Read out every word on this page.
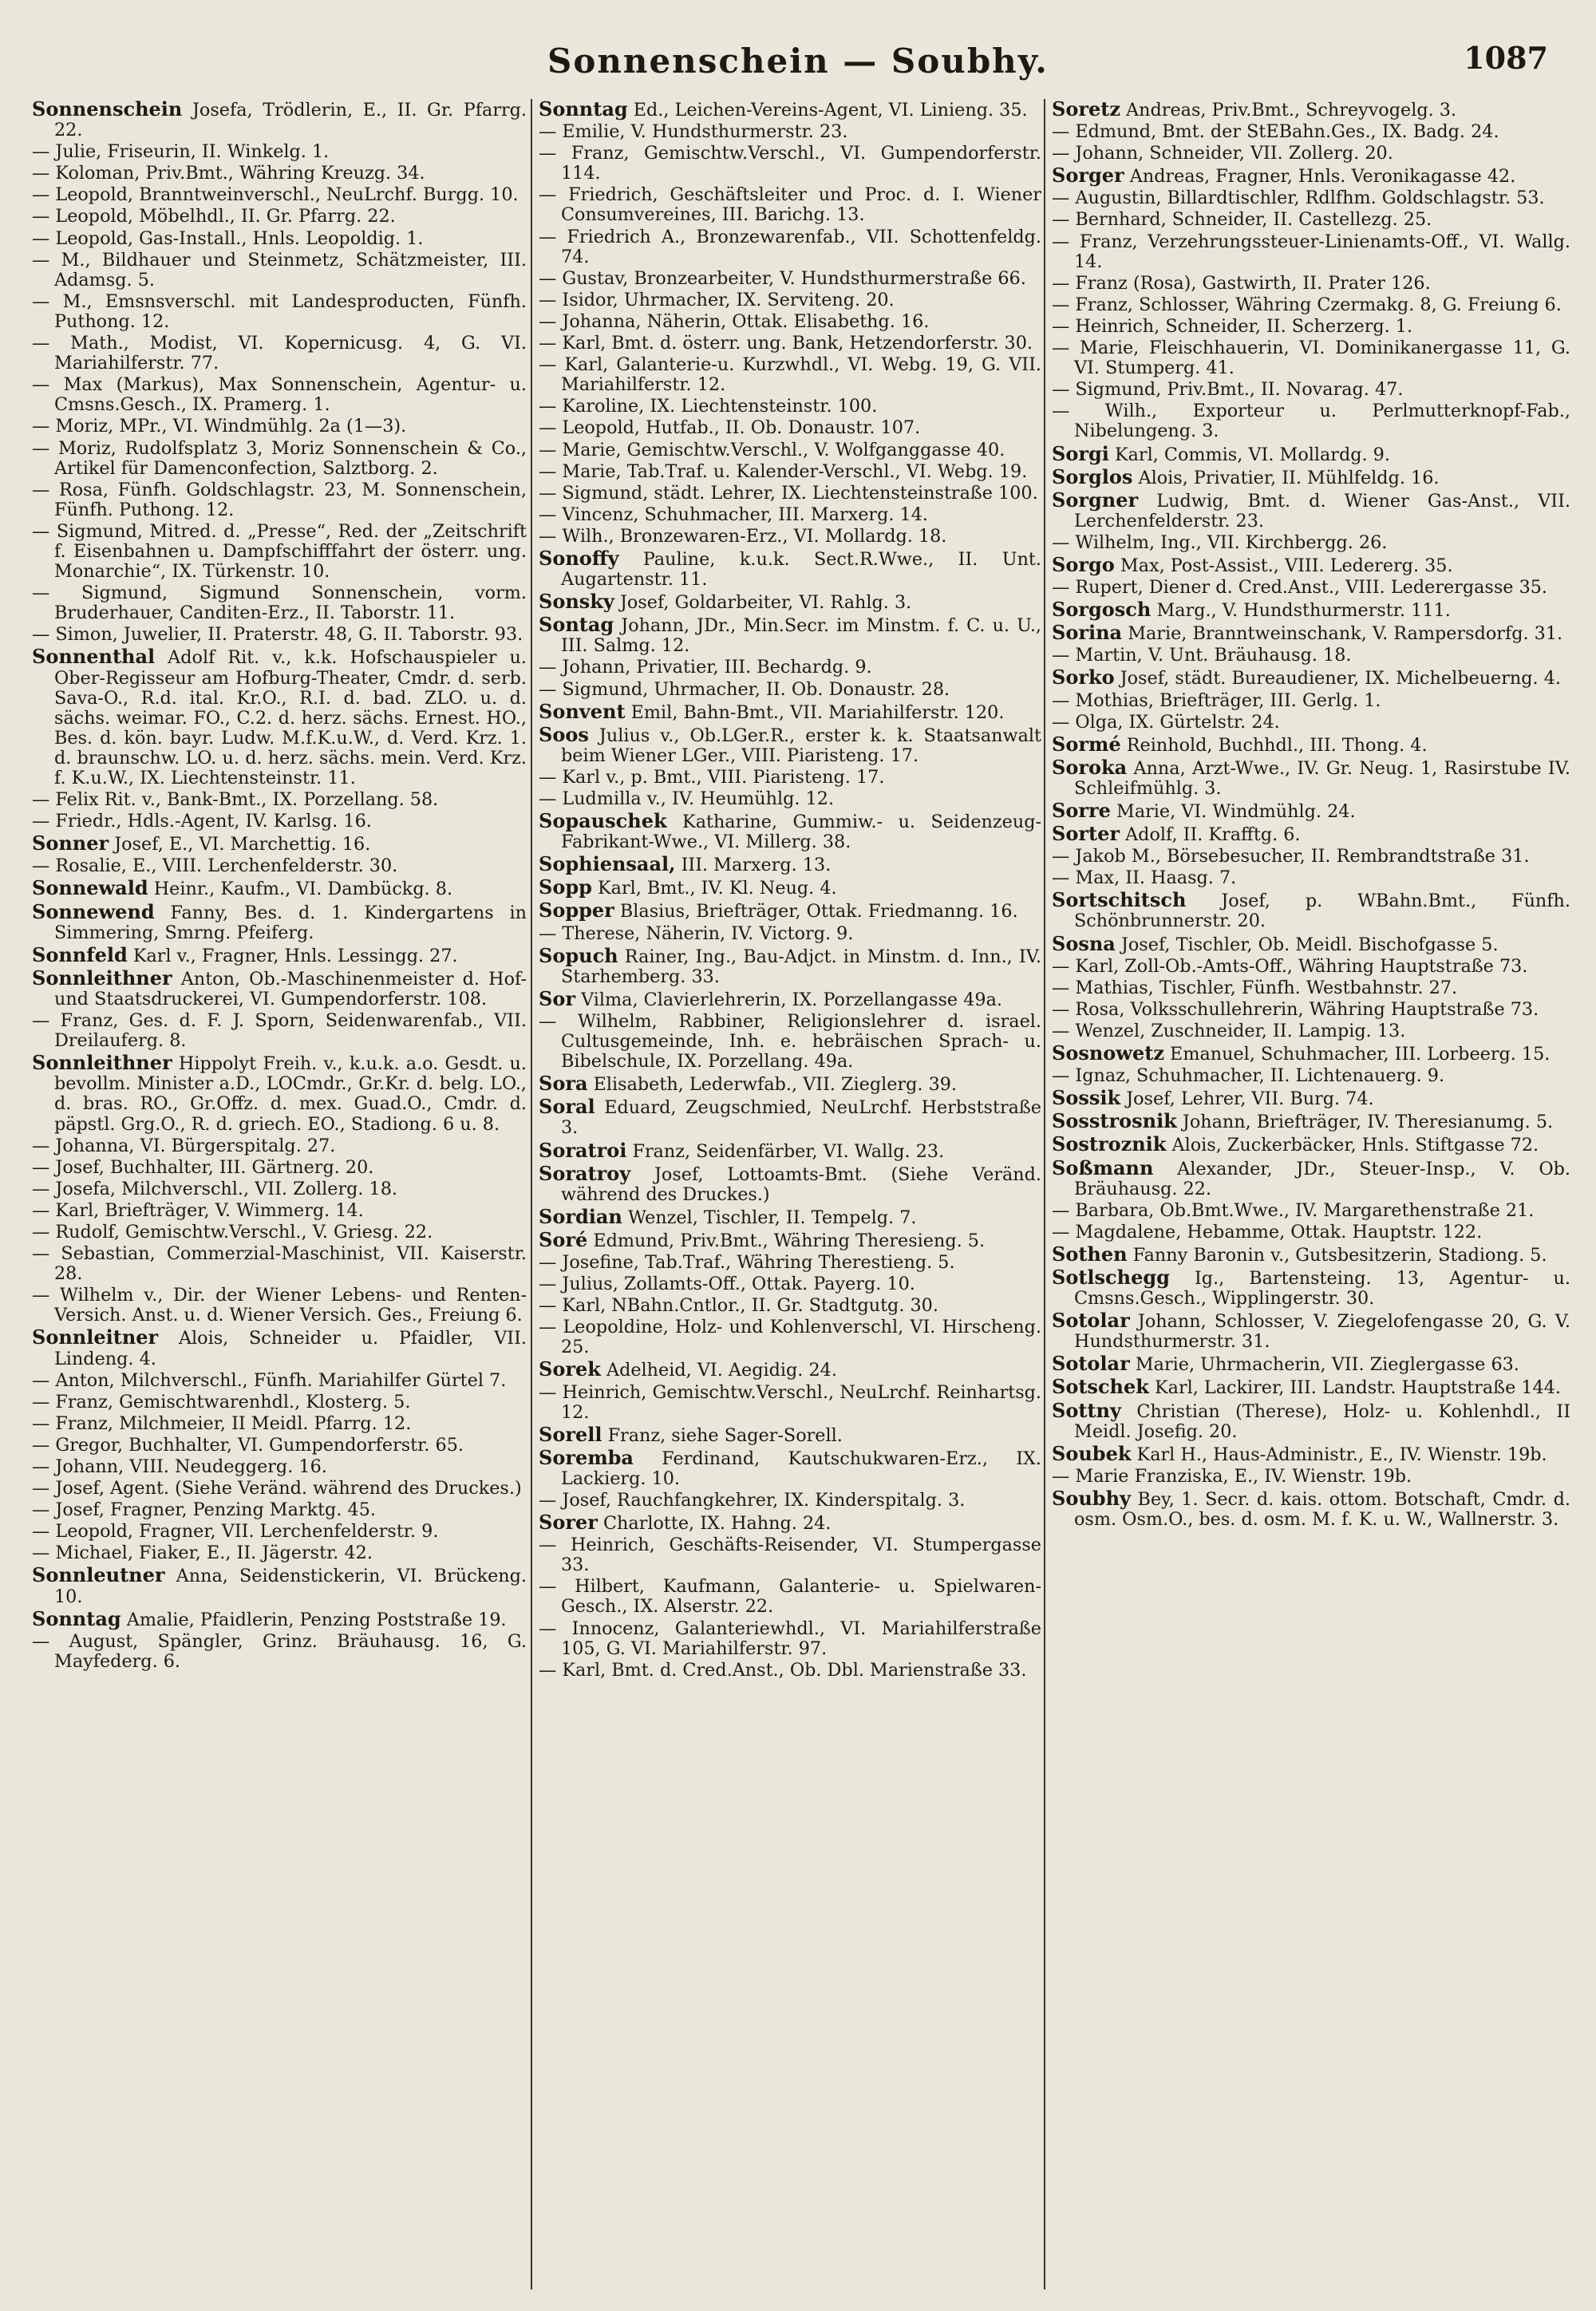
Sonnenschein — Soubhy.	1087
Sonnenschein Josefa, Trödlerin, E., II. Gr. Pfarrg. 22.
— Julie, Friseurin, II. Winkelg. 1.
— Koloman, Priv.Bmt., Währing Kreuzg. 34.
— Leopold, Branntweinverschl., NeuLrchf. Burgg. 10.
— Leopold, Möbelhdl., II. Gr. Pfarrg. 22.
— Leopold, Gas-Install., Hnls. Leopoldig. 1.
— M., Bildhauer und Steinmetz, Schätzmeister, III. Adamsg. 5.
— M., Emsnsverschl. mit Landesproducten, Fünfh. Puthong. 12.
— Math., Modist, VI. Kopernicusg. 4, G. VI. Mariahilferstr. 77.
— Max (Markus), Max Sonnenschein, Agentur- u. Cmsns.Gesch., IX. Pramerg. 1.
— Moriz, MPr., VI. Windmühlg. 2a (1—3).
— Moriz, Rudolfsplatz 3, Moriz Sonnenschein & Co., Artikel für Damenconfection, Salztborg. 2.
— Rosa, Fünfh. Goldschlagstr. 23, M. Sonnenschein, Fünfh. Puthong. 12.
— Sigmund, Mitred. d. „Presse“, Red. der „Zeitschrift f. Eisenbahnen u. Dampfschifffahrt der österr. ung. Monarchie“, IX. Türkenstr. 10.
— Sigmund, Sigmund Sonnenschein, vorm. Bruderhauer, Canditen-Erz., II. Taborstr. 11.
— Simon, Juwelier, II. Praterstr. 48, G. II. Taborstr. 93.
Sonnenthal Adolf Rit. v., k.k. Hofschauspieler u. Ober-Regisseur am Hofburg-Theater, Cmdr. d. serb. Sava-O., R.d. ital. Kr.O., R.I. d. bad. ZLO. u. d. sächs. weimar. FO., C.2. d. herz. sächs. Ernest. HO., Bes. d. kön. bayr. Ludw. M.f.K.u.W., d. Verd. Krz. 1. d. braunschw. LO. u. d. herz. sächs. mein. Verd. Krz. f. K.u.W., IX. Liechtensteinstr. 11.
— Felix Rit. v., Bank-Bmt., IX. Porzellang. 58.
— Friedr., Hdls.-Agent, IV. Karlsg. 16.
Sonner Josef, E., VI. Marchettig. 16.
— Rosalie, E., VIII. Lerchenfelderstr. 30.
Sonnewald Heinr., Kaufm., VI. Dambückg. 8.
Sonnewend Fanny, Bes. d. 1. Kindergartens in Simmering, Smrng. Pfeiferg.
Sonnfeld Karl v., Fragner, Hnls. Lessingg. 27.
Sonnleithner Anton, Ob.-Maschinenmeister d. Hof- und Staatsdruckerei, VI. Gumpendorferstr. 108.
— Franz, Ges. d. F. J. Sporn, Seidenwarenfab., VII. Dreilauferg. 8.
Sonnleithner Hippolyt Freih. v., k.u.k. a.o. Gesdt. u. bevollm. Minister a.D., LOCmdr., Gr.Kr. d. belg. LO., d. bras. RO., Gr.Offz. d. mex. Guad.O., Cmdr. d. päpstl. Grg.O., R. d. griech. EO., Stadiong. 6 u. 8.
— Johanna, VI. Bürgerspitalg. 27.
— Josef, Buchhalter, III. Gärtnerg. 20.
— Josefa, Milchverschl., VII. Zollerg. 18.
— Karl, Briefträger, V. Wimmerg. 14.
— Rudolf, Gemischtw.Verschl., V. Griesg. 22.
— Sebastian, Commerzial-Maschinist, VII. Kaiserstr. 28.
— Wilhelm v., Dir. der Wiener Lebens- und Renten-Versich. Anst. u. d. Wiener Versich. Ges., Freiung 6.
Sonnleitner Alois, Schneider u. Pfaidler, VII. Lindeng. 4.
— Anton, Milchverschl., Fünfh. Mariahilfer Gürtel 7.
— Franz, Gemischtwarenhdl., Klosterg. 5.
— Franz, Milchmeier, II Meidl. Pfarrg. 12.
— Gregor, Buchhalter, VI. Gumpendorferstr. 65.
— Johann, VIII. Neudeggerg. 16.
— Josef, Agent. (Siehe Veränd. während des Druckes.)
— Josef, Fragner, Penzing Marktg. 45.
— Leopold, Fragner, VII. Lerchenfelderstr. 9.
— Michael, Fiaker, E., II. Jägerstr. 42.
Sonnleutner Anna, Seidenstickerin, VI. Brückeng. 10.
Sonntag Amalie, Pfaidlerin, Penzing Poststraße 19.
— August, Spängler, Grinz. Bräuhausg. 16, G. Mayfederg. 6.
Sonntag Ed., Leichen-Vereins-Agent, VI. Linieng. 35.
— Emilie, V. Hundsthurmerstr. 23.
— Franz, Gemischtw.Verschl., VI. Gumpendorferstr. 114.
— Friedrich, Geschäftsleiter und Proc. d. I. Wiener Consumvereines, III. Barichg. 13.
— Friedrich A., Bronzewarenfab., VII. Schottenfeldg. 74.
— Gustav, Bronzearbeiter, V. Hundsthurmerstraße 66.
— Isidor, Uhrmacher, IX. Serviteng. 20.
— Johanna, Näherin, Ottak. Elisabethg. 16.
— Karl, Bmt. d. österr. ung. Bank, Hetzendorferstr. 30.
— Karl, Galanterie-u. Kurzwhdl., VI. Webg. 19, G. VII. Mariahilferstr. 12.
— Karoline, IX. Liechtensteinstr. 100.
— Leopold, Hutfab., II. Ob. Donaustr. 107.
— Marie, Gemischtw.Verschl., V. Wolfganggasse 40.
— Marie, Tab.Traf. u. Kalender-Verschl., VI. Webg. 19.
— Sigmund, städt. Lehrer, IX. Liechtensteinstraße 100.
— Vincenz, Schuhmacher, III. Marxerg. 14.
— Wilh., Bronzewaren-Erz., VI. Mollardg. 18.
Sonoffy Pauline, k.u.k. Sect.R.Wwe., II. Unt. Augartenstr. 11.
Sonsky Josef, Goldarbeiter, VI. Rahlg. 3.
Sontag Johann, JDr., Min.Secr. im Minstm. f. C. u. U., III. Salmg. 12.
— Johann, Privatier, III. Bechardg. 9.
— Sigmund, Uhrmacher, II. Ob. Donaustr. 28.
Sonvent Emil, Bahn-Bmt., VII. Mariahilferstr. 120.
Soos Julius v., Ob.LGer.R., erster k. k. Staatsanwalt beim Wiener LGer., VIII. Piaristeng. 17.
— Karl v., p. Bmt., VIII. Piaristeng. 17.
— Ludmilla v., IV. Heumühlg. 12.
Sopauschek Katharine, Gummiw.- u. Seidenzeug-Fabrikant-Wwe., VI. Millerg. 38.
Sophiensaal, III. Marxerg. 13.
Sopp Karl, Bmt., IV. Kl. Neug. 4.
Sopper Blasius, Briefträger, Ottak. Friedmanng. 16.
— Therese, Näherin, IV. Victorg. 9.
Sopuch Rainer, Ing., Bau-Adjct. in Minstm. d. Inn., IV. Starhemberg. 33.
Sor Vilma, Clavierlehrerin, IX. Porzellangasse 49a.
— Wilhelm, Rabbiner, Religionslehrer d. israel. Cultusgemeinde, Inh. e. hebräischen Sprach- u. Bibelschule, IX. Porzellang. 49a.
Sora Elisabeth, Lederwfab., VII. Zieglerg. 39.
Soral Eduard, Zeugschmied, NeuLrchf. Herbststraße 3.
Soratroi Franz, Seidenfärber, VI. Wallg. 23.
Soratroy Josef, Lottoamts-Bmt. (Siehe Veränd. während des Druckes.)
Sordian Wenzel, Tischler, II. Tempelg. 7.
Soré Edmund, Priv.Bmt., Währing Theresieng. 5.
— Josefine, Tab.Traf., Währing Therestieng. 5.
— Julius, Zollamts-Off., Ottak. Payerg. 10.
— Karl, NBahn.Cntlor., II. Gr. Stadtgutg. 30.
— Leopoldine, Holz- und Kohlenverschl, VI. Hirscheng. 25.
Sorek Adelheid, VI. Aegidig. 24.
— Heinrich, Gemischtw.Verschl., NeuLrchf. Reinhartsg. 12.
Sorell Franz, siehe Sager-Sorell.
Soremba Ferdinand, Kautschukwaren-Erz., IX. Lackierg. 10.
— Josef, Rauchfangkehrer, IX. Kinderspitalg. 3.
Sorer Charlotte, IX. Hahng. 24.
— Heinrich, Geschäfts-Reisender, VI. Stumpergasse 33.
— Hilbert, Kaufmann, Galanterie- u. Spielwaren-Gesch., IX. Alserstr. 22.
— Innocenz, Galanteriewhdl., VI. Mariahilferstraße 105, G. VI. Mariahilferstr. 97.
— Karl, Bmt. d. Cred.Anst., Ob. Dbl. Marienstraße 33.
Soretz Andreas, Priv.Bmt., Schreyvogelg. 3.
— Edmund, Bmt. der StEBahn.Ges., IX. Badg. 24.
— Johann, Schneider, VII. Zollerg. 20.
Sorger Andreas, Fragner, Hnls. Veronikagasse 42.
— Augustin, Billardtischler, Rdlfhm. Goldschlagstr. 53.
— Bernhard, Schneider, II. Castellezg. 25.
— Franz, Verzehrungssteuer-Linienamts-Off., VI. Wallg. 14.
— Franz (Rosa), Gastwirth, II. Prater 126.
— Franz, Schlosser, Währing Czermakg. 8, G. Freiung 6.
— Heinrich, Schneider, II. Scherzerg. 1.
— Marie, Fleischhauerin, VI. Dominikanergasse 11, G. VI. Stumperg. 41.
— Sigmund, Priv.Bmt., II. Novarag. 47.
— Wilh., Exporteur u. Perlmutterknopf-Fab., Nibelungeng. 3.
Sorgi Karl, Commis, VI. Mollardg. 9.
Sorglos Alois, Privatier, II. Mühlfeldg. 16.
Sorgner Ludwig, Bmt. d. Wiener Gas-Anst., VII. Lerchenfelderstr. 23.
— Wilhelm, Ing., VII. Kirchbergg. 26.
Sorgo Max, Post-Assist., VIII. Ledererg. 35.
— Rupert, Diener d. Cred.Anst., VIII. Lederergasse 35.
Sorgosch Marg., V. Hundsthurmerstr. 111.
Sorina Marie, Branntweinschank, V. Rampersdorfg. 31.
— Martin, V. Unt. Bräuhausg. 18.
Sorko Josef, städt. Bureaudiener, IX. Michelbeuerng. 4.
— Mothias, Briefträger, III. Gerlg. 1.
— Olga, IX. Gürtelstr. 24.
Sormé Reinhold, Buchhdl., III. Thong. 4.
Soroka Anna, Arzt-Wwe., IV. Gr. Neug. 1, Rasirstube IV. Schleifmühlg. 3.
Sorre Marie, VI. Windmühlg. 24.
Sorter Adolf, II. Krafftg. 6.
— Jakob M., Börsebesucher, II. Rembrandtstraße 31.
— Max, II. Haasg. 7.
Sortschitsch Josef, p. WBahn.Bmt., Fünfh. Schönbrunnerstr. 20.
Sosna Josef, Tischler, Ob. Meidl. Bischofgasse 5.
— Karl, Zoll-Ob.-Amts-Off., Währing Hauptstraße 73.
— Mathias, Tischler, Fünfh. Westbahnstr. 27.
— Rosa, Volksschullehrerin, Währing Hauptstraße 73.
— Wenzel, Zuschneider, II. Lampig. 13.
Sosnowetz Emanuel, Schuhmacher, III. Lorbeerg. 15.
— Ignaz, Schuhmacher, II. Lichtenauerg. 9.
Sossik Josef, Lehrer, VII. Burg. 74.
Sosstrosnik Johann, Briefträger, IV. Theresianumg. 5.
Sostroznik Alois, Zuckerbäcker, Hnls. Stiftgasse 72.
Soßmann Alexander, JDr., Steuer-Insp., V. Ob. Bräuhausg. 22.
— Barbara, Ob.Bmt.Wwe., IV. Margarethenstraße 21.
— Magdalene, Hebamme, Ottak. Hauptstr. 122.
Sothen Fanny Baronin v., Gutsbesitzerin, Stadiong. 5.
Sotlschegg Ig., Bartensteing. 13, Agentur- u. Cmsns.Gesch., Wipplingerstr. 30.
Sotolar Johann, Schlosser, V. Ziegelofengasse 20, G. V. Hundsthurmerstr. 31.
Sotolar Marie, Uhrmacherin, VII. Zieglergasse 63.
Sotschek Karl, Lackirer, III. Landstr. Hauptstraße 144.
Sottny Christian (Therese), Holz- u. Kohlenhdl., II Meidl. Josefig. 20.
Soubek Karl H., Haus-Administr., E., IV. Wienstr. 19b.
— Marie Franziska, E., IV. Wienstr. 19b.
Soubhy Bey, 1. Secr. d. kais. ottom. Botschaft, Cmdr. d. osm. Osm.O., bes. d. osm. M. f. K. u. W., Wallnerstr. 3.
